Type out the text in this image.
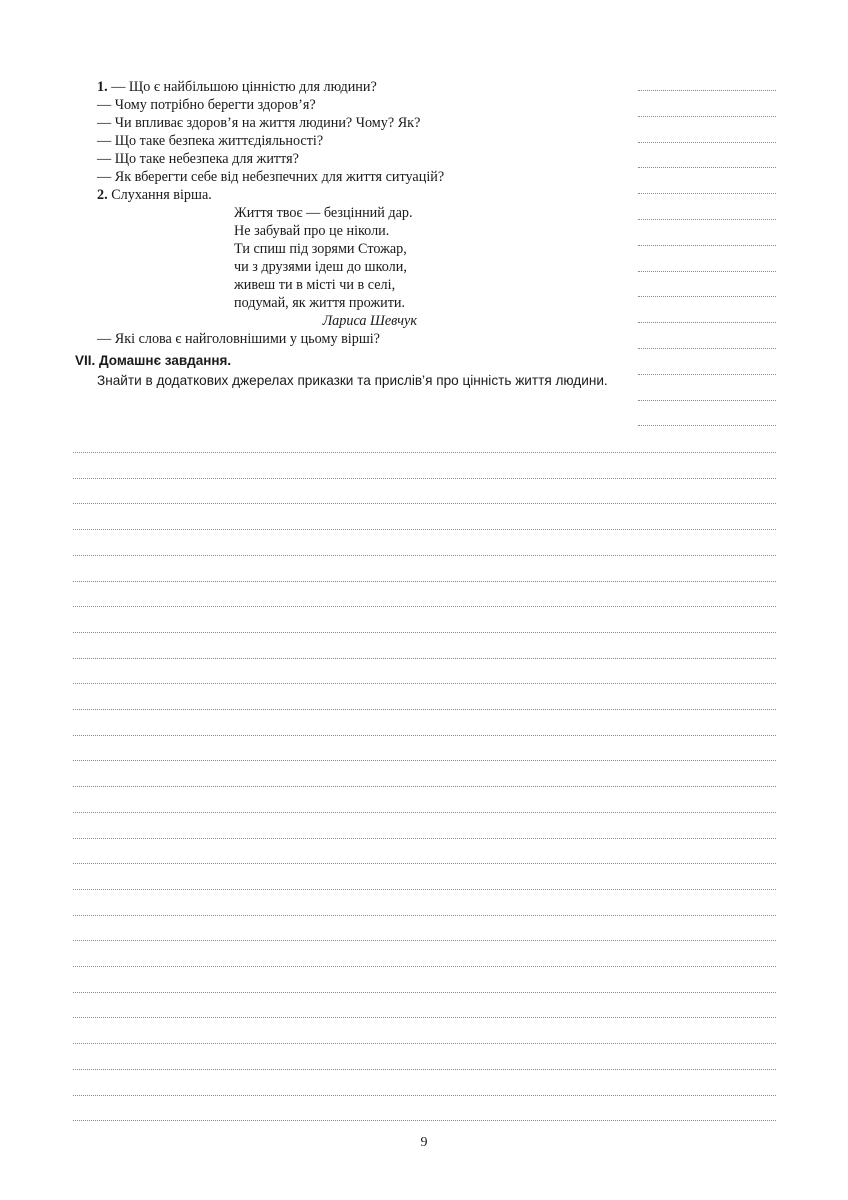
1. — Що є найбільшою цінністю для людини?
— Чому потрібно берегти здоров’я?
— Чи впливає здоров’я на життя людини? Чому? Як?
— Що таке безпека життєдіяльності?
— Що таке небезпека для життя?
— Як вберегти себе від небезпечних для життя ситуацій?
2. Слухання вірша.
Життя твоє — безцінний дар.
Не забувай про це ніколи.
Ти спиш під зорями Стожар,
чи з друзями ідеш до школи,
живеш ти в місті чи в селі,
подумай, як життя прожити.
Лариса Шевчук
— Які слова є найголовнішими у цьому вірші?
VII. Домашнє завдання.
Знайти в додаткових джерелах приказки та прислів’я про цінність життя людини.
9
